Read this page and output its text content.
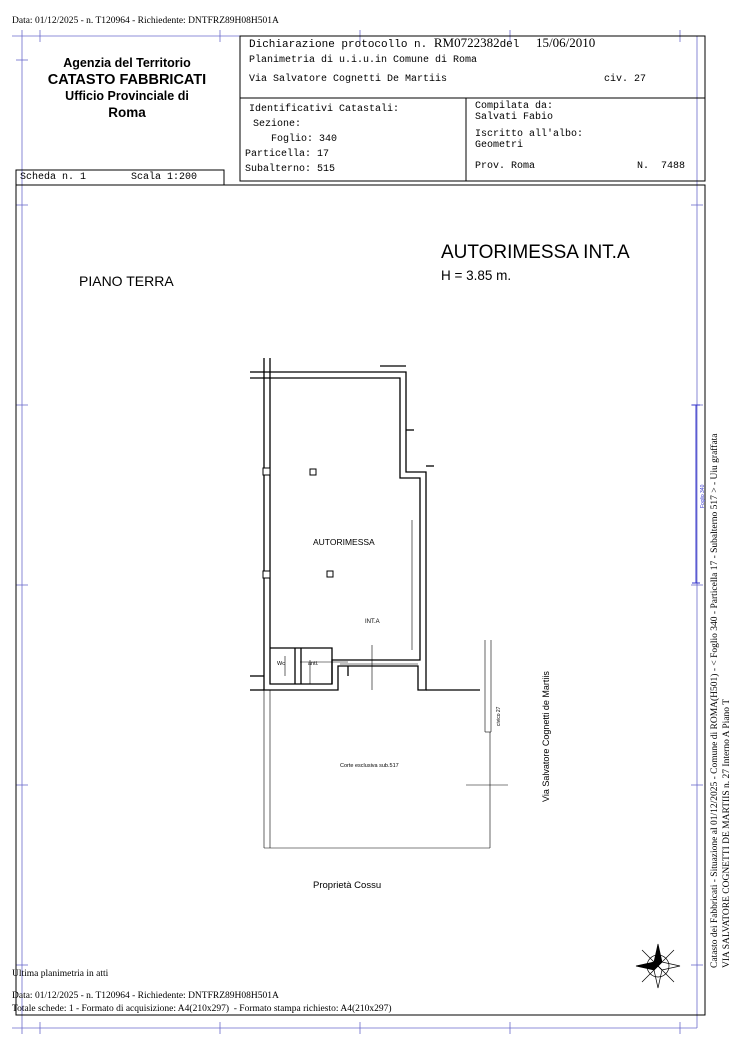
Data: 01/12/2025 - n. T120964 - Richiedente: DNTFRZ89H08H501A
Agenzia del Territorio
CATASTO FABBRICATI
Ufficio Provinciale di
Roma
Dichiarazione protocollo n. RM0722382del 15/06/2010
Planimetria di u.i.u.in Comune di Roma
Via Salvatore Cognetti De Martiis	civ. 27
Identificativi Catastali:
Sezione:
Foglio: 340
Particella: 17
Subalterno: 515
Compilata da:
Salvati Fabio
Iscritto all'albo:
Geometri
Prov. Roma	N.  7488
Scheda n. 1	Scala 1:200
AUTORIMESSA INT.A
H = 3.85 m.
PIANO TERRA
AUTORIMESSA
INT.A
Wc	anti.
Corte esclusiva sub.517
Proprietà Cossu
civico 27	Via Salvatore Cognetti de Martiis
Foglio 340 Catasto dei Fabbricati - Situazione al 01/12/2025 - Comune di ROMA(H501) - < Foglio 340 - Particella 17 - Subalterno 517 > - Uiu graffata VIA SALVATORE COGNETTI DE MARTIIS n. 27 Interno A Piano T
Ultima planimetria in atti
Data: 01/12/2025 - n. T120964 - Richiedente: DNTFRZ89H08H501A
Totale schede: 1 - Formato di acquisizione: A4(210x297)  - Formato stampa richiesto: A4(210x297)
